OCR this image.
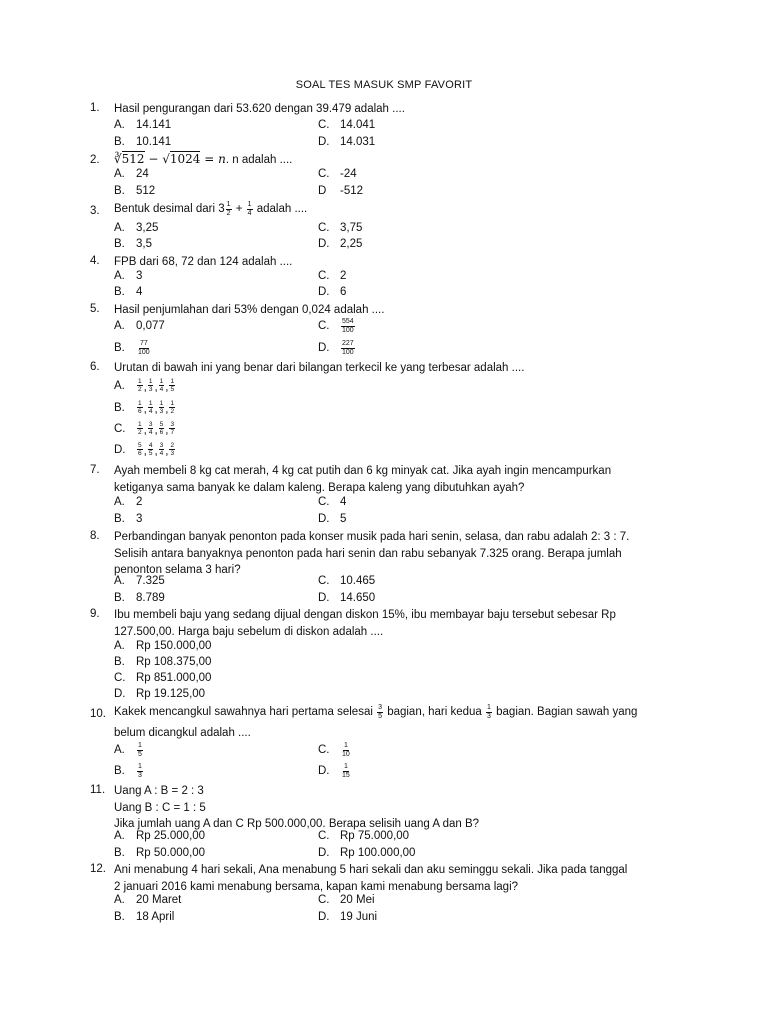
SOAL TES MASUK SMP FAVORIT
1.	Hasil pengurangan dari 53.620 dengan 39.479 adalah ....
A. 14.141	C. 14.041
B. 10.141	D. 14.031
2.	∛512 − √1024 = n. n adalah ....
A. 24	C. -24
B. 512	D -512
3.	Bentuk desimal dari $3 \frac{1}{2} + \frac{1}{4}$ adalah ....
A. 3,25	C. 3,75
B. 3,5	D. 2,25
4.	FPB dari 68, 72 dan 124 adalah ....
A. 3	C. 2
B. 4	D. 6
5.	Hasil penjumlahan dari 53% dengan 0,024 adalah ....
A. 0,077	C. $\frac{554}{100}$
B. $\frac{77}{100}$	D. $\frac{227}{100}$
6.	Urutan di bawah ini yang benar dari bilangan terkecil ke yang terbesar adalah ....
A. $\frac{1}{2}$ , $\frac{1}{3}$ , $\frac{1}{4}$ , $\frac{1}{5}$
B. $\frac{1}{6}$ , $\frac{1}{4}$ , $\frac{1}{3}$ , $\frac{1}{2}$
C. $\frac{1}{2}$ , $\frac{3}{4}$ , $\frac{5}{6}$ , $\frac{3}{7}$
D. $\frac{5}{6}$ , $\frac{4}{5}$ , $\frac{3}{4}$ , $\frac{2}{3}$
7.	Ayah membeli 8 kg cat merah, 4 kg cat putih dan 6 kg minyak cat. Jika ayah ingin mencampurkan
ketiganya sama banyak ke dalam kaleng. Berapa kaleng yang dibutuhkan ayah?
A. 2	C. 4
B. 3	D. 5
8.	Perbandingan banyak penonton pada konser musik pada hari senin, selasa, dan rabu adalah 2: 3 : 7.
Selisih antara banyaknya penonton pada hari senin dan rabu sebanyak 7.325 orang. Berapa jumlah
penonton selama 3 hari?
A. 7.325	C. 10.465
B. 8.789	D. 14.650
9.	Ibu membeli baju yang sedang dijual dengan diskon 15%, ibu membayar baju tersebut sebesar Rp
127.500,00. Harga baju sebelum di diskon adalah ....
A. Rp 150.000,00
B. Rp 108.375,00
C. Rp 851.000,00
D. Rp 19.125,00
10. Kakek mencangkul sawahnya hari pertama selesai $\frac{3}{5}$ bagian, hari kedua $\frac{1}{3}$ bagian. Bagian sawah yang
belum dicangkul adalah ....
A. $\frac{1}{5}$	C. $\frac{1}{10}$
B. $\frac{1}{3}$	D. $\frac{1}{15}$
11. Uang A : B = 2 : 3
Uang B : C = 1 : 5
Jika jumlah uang A dan C Rp 500.000,00. Berapa selisih uang A dan B?
A. Rp 25.000,00	C. Rp 75.000,00
B. Rp 50.000,00	D. Rp 100.000,00
12. Ani menabung 4 hari sekali, Ana menabung 5 hari sekali dan aku seminggu sekali. Jika pada tanggal
2 januari 2016 kami menabung bersama, kapan kami menabung bersama lagi?
A. 20 Maret	C. 20 Mei
B. 18 April	D. 19 Juni
